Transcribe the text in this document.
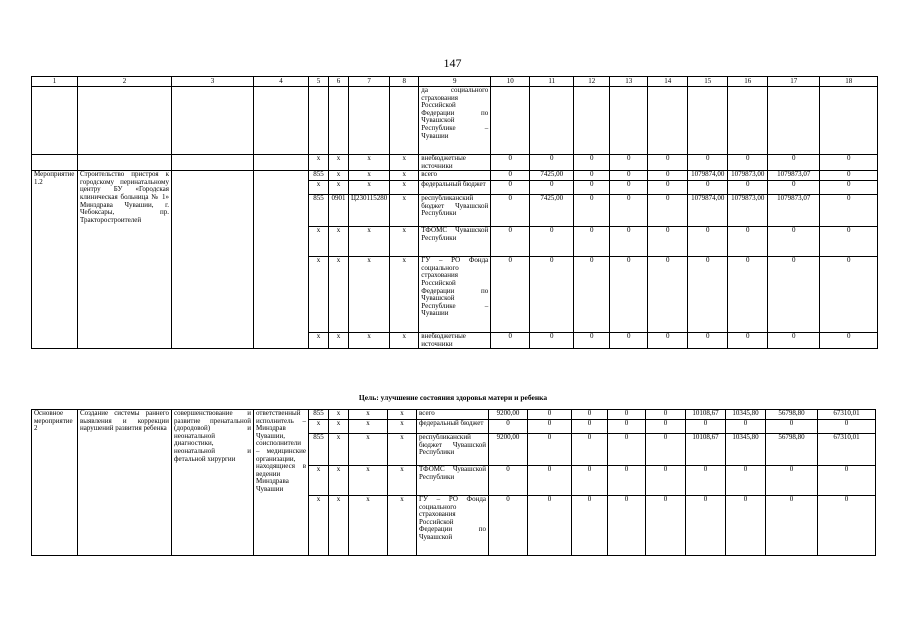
147
1	2	3	4	5	6	7	8	9	10	11	12	13	14	15	16	17	18
								да социального страхования Российской Федерации по Чувашской Республике – Чувашии									
				x	x	x	x	внебюджетные источники	0	0	0	0	0	0	0	0	0
Мероприятие 1.2	Строительство пристроя к городскому перинатальному центру БУ «Городская клиническая больница № 1» Минздрава Чувашии, г. Чебоксары, пр. Тракторостроителей			855	x	x	x	всего	0	7425,00	0	0	0	1079874,00	1079873,00	1079873,07	0
				x	x	x	x	федеральный бюджет	0	0	0	0	0	0	0	0	0
				855	0901	Ц230115280	x	республиканский бюджет Чувашской Республики	0	7425,00	0	0	0	1079874,00	1079873,00	1079873,07	0
				x	x	x	x	ТФОМС Чувашской Республики	0	0	0	0	0	0	0	0	0
				x	x	x	x	ГУ – РО Фонда социального страхования Российской Федерации по Чувашской Республике – Чувашии	0	0	0	0	0	0	0	0	0
				x	x	x	x	внебюджетные источники	0	0	0	0	0	0	0	0	0
Цель: улучшение состояния здоровья матери и ребенка
Основное мероприятие 2	Создание системы раннего выявления и коррекции нарушений развития ребенка	совершенствование и развитие пренатальной (дородовой) и неонатальной диагностики, неонатальной и фетальной хирургии	ответственный исполнитель – Минздрав Чувашии, соисполнители – медицинские организации, находящиеся в ведении Минздрава Чувашии	855	x	x	x	всего	9200,00	0	0	0	0	10108,67	10345,80	56798,80	67310,01
				x	x	x	x	федеральный бюджет	0	0	0	0	0	0	0	0	0
				855	x	x	x	республиканский бюджет Чувашской Республики	9200,00	0	0	0	0	10108,67	10345,80	56798,80	67310,01
				x	x	x	x	ТФОМС Чувашской Республики	0	0	0	0	0	0	0	0	0
				x	x	x	x	ГУ – РО Фонда социального страхования Российской Федерации по Чувашской	0	0	0	0	0	0	0	0	0
